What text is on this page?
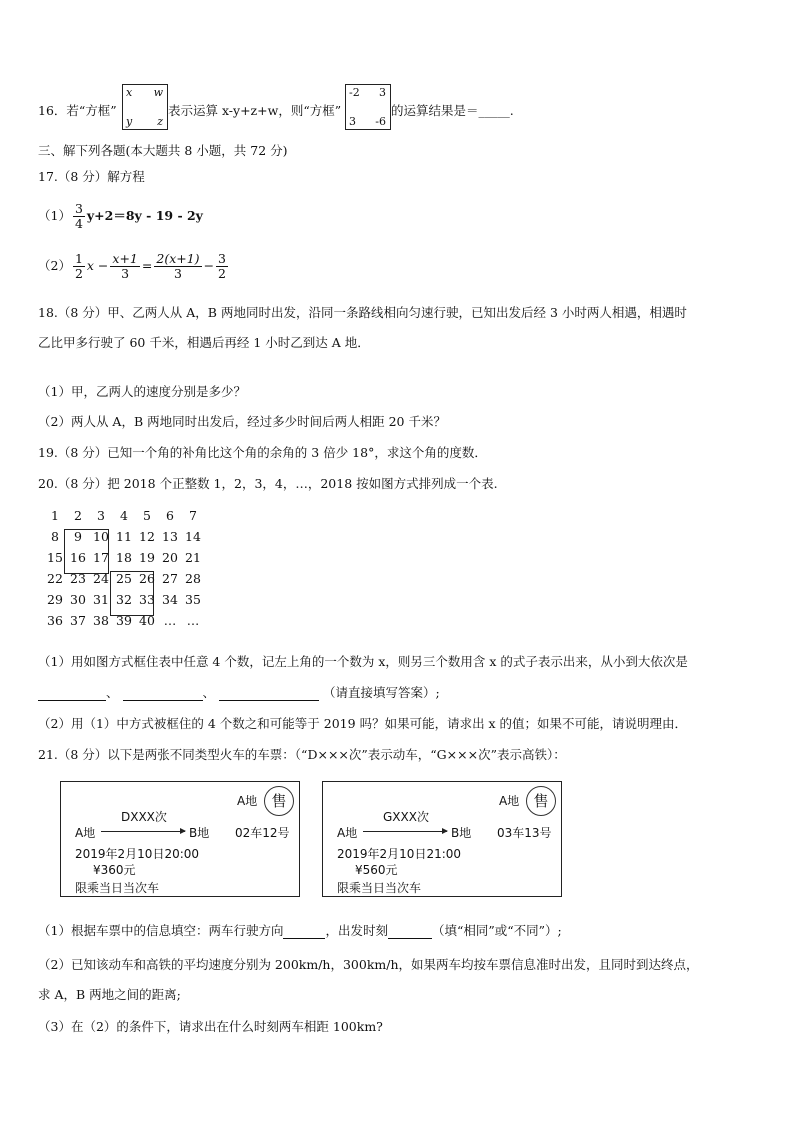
16．若“方框”
x w
y z
表示运算 x-y+z+w，则“方框”
-2 3
3 -6
的运算结果是＝_____.
三、解下列各题(本大题共 8 小题，共 72 分)
17.（8 分）解方程
$(1) \frac{3}{4} y+2=8y - 19 - 2y$
$(2) \frac{1}{2}$ $x - \frac{x+1}{3} = \frac{2(x+1)}{3} - \frac{3}{2}$
18.（8 分）甲、乙两人从 A，B 两地同时出发，沿同一条路线相向匀速行驶，已知出发后经 3 小时两人相遇，相遇时
乙比甲多行驶了 60 千米，相遇后再经 1 小时乙到达 A 地．
（1）甲，乙两人的速度分别是多少？
（2）两人从 A，B 两地同时出发后，经过多少时间后两人相距 20 千米？
19.（8 分）已知一个角的补角比这个角的余角的 3 倍少 18°，求这个角的度数．
20.（8 分）把 2018 个正整数 1，2，3，4，…，2018 按如图方式排列成一个表.
1	2	3	4	5	6	7
8	9 10 11 12 13 14
15 16 17 18 19 20 21
22 23 24 25 26 27 28
29 30 31 32 33 34 35
36 37 38 39 40 … …
（1）用如图方式框住表中任意 4 个数，记左上角的一个数为 x，则另三个数用含 x 的式子表示出来，从小到大依次是
、	、	（请直接填写答案）;
（2）用（1）中方式被框住的 4 个数之和可能等于 2019 吗？如果可能，请求出 x 的值；如果不可能，请说明理由．
21.（8 分）以下是两张不同类型火车的车票：（“D×××次”表示动车，“G×××次”表示高铁）：
A地 售
DXXX次
A地	B地 02车12号
2019年2月10日20:00
¥360元
限乘当日当次车
A地 售
GXXX次
A地	B地 03车13号
2019年2月10日21:00
¥560元
限乘当日当次车
（1）根据车票中的信息填空：两车行驶方向	，出发时刻	（填“相同”或“不同”）;
（2）已知该动车和高铁的平均速度分别为 200km/h，300km/h，如果两车均按车票信息准时出发，且同时到达终点，
求 A，B 两地之间的距离;
（3）在（2）的条件下，请求出在什么时刻两车相距 100km?
